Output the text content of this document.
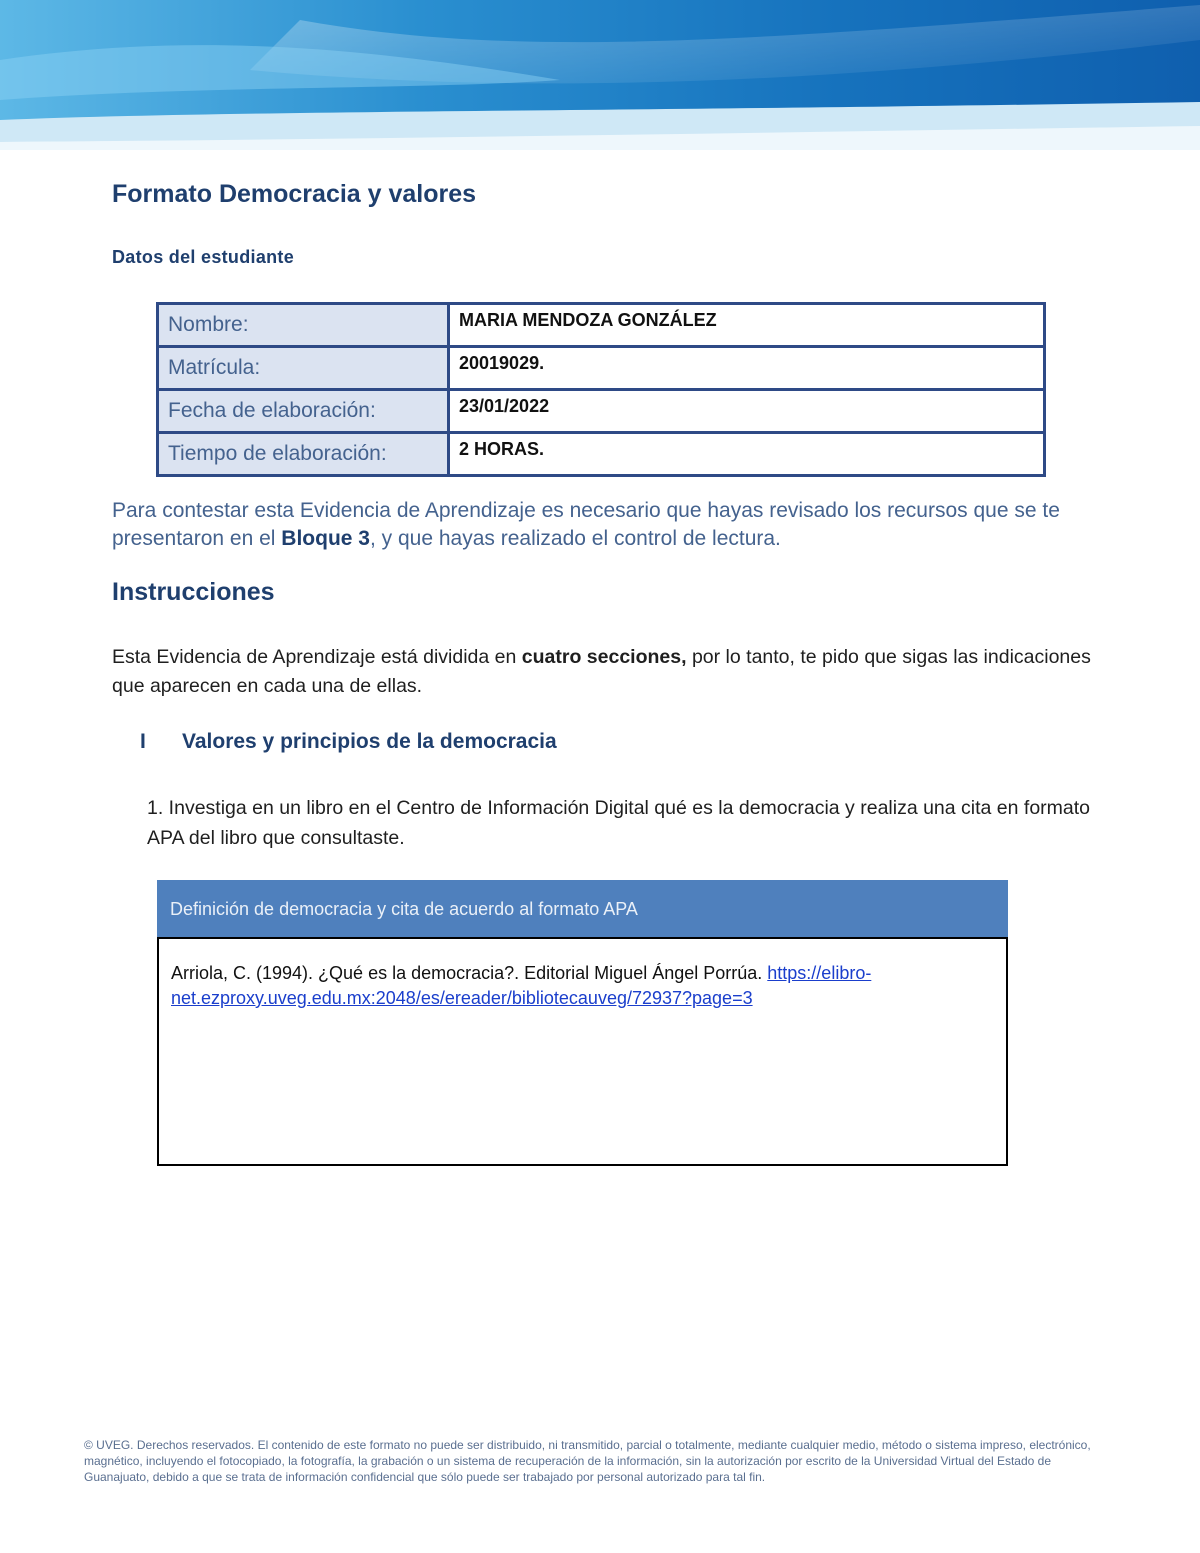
Formato Democracia y valores
Datos del estudiante
Nombre:	MARIA MENDOZA GONZÁLEZ
Matrícula:	20019029.
Fecha de elaboración:	23/01/2022
Tiempo de elaboración:	2 HORAS.

Para contestar esta Evidencia de Aprendizaje es necesario que hayas revisado los recursos que se te presentaron en el Bloque 3, y que hayas realizado el control de lectura.

Instrucciones

Esta Evidencia de Aprendizaje está dividida en cuatro secciones, por lo tanto, te pido que sigas las indicaciones que aparecen en cada una de ellas.

I Valores y principios de la democracia

1. Investiga en un libro en el Centro de Información Digital qué es la democracia y realiza una cita en formato APA del libro que consultaste.

Definición de democracia y cita de acuerdo al formato APA

Arriola, C. (1994). ¿Qué es la democracia?. Editorial Miguel Ángel Porrúa. https://elibro-net.ezproxy.uveg.edu.mx:2048/es/ereader/bibliotecauveg/72937?page=3

© UVEG. Derechos reservados. El contenido de este formato no puede ser distribuido, ni transmitido, parcial o totalmente, mediante cualquier medio, método o sistema impreso, electrónico, magnético, incluyendo el fotocopiado, la fotografía, la grabación o un sistema de recuperación de la información, sin la autorización por escrito de la Universidad Virtual del Estado de Guanajuato, debido a que se trata de información confidencial que sólo puede ser trabajado por personal autorizado para tal fin.
